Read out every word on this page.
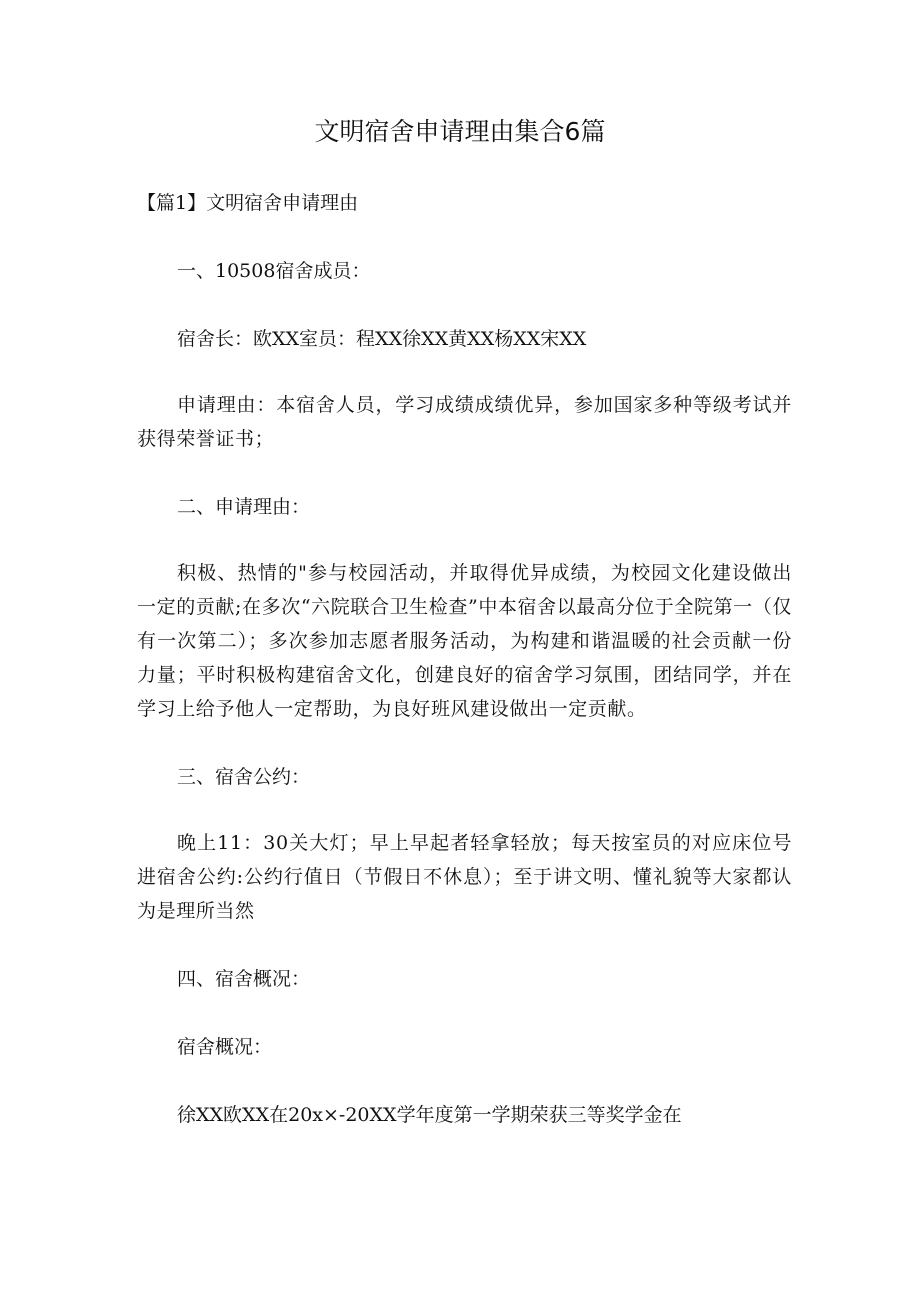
文明宿舍申请理由集合6篇

【篇1】文明宿舍申请理由

一、10508宿舍成员：

宿舍长：欧XX室员：程XX徐XX黄XX杨XX宋XX

申请理由：本宿舍人员，学习成绩成绩优异，参加国家多种等级考试并获得荣誉证书；

二、申请理由：

积极、热情的"参与校园活动，并取得优异成绩，为校园文化建设做出一定的贡献;在多次“六院联合卫生检查”中本宿舍以最高分位于全院第一（仅有一次第二）；多次参加志愿者服务活动，为构建和谐温暖的社会贡献一份力量；平时积极构建宿舍文化，创建良好的宿舍学习氛围，团结同学，并在学习上给予他人一定帮助，为良好班风建设做出一定贡献。

三、宿舍公约：

晚上11：30关大灯；早上早起者轻拿轻放；每天按室员的对应床位号进宿舍公约:公约行值日（节假日不休息）；至于讲文明、懂礼貌等大家都认为是理所当然

四、宿舍概况：

宿舍概况：

徐XX欧XX在20x×-20XX学年度第一学期荣获三等奖学金在
